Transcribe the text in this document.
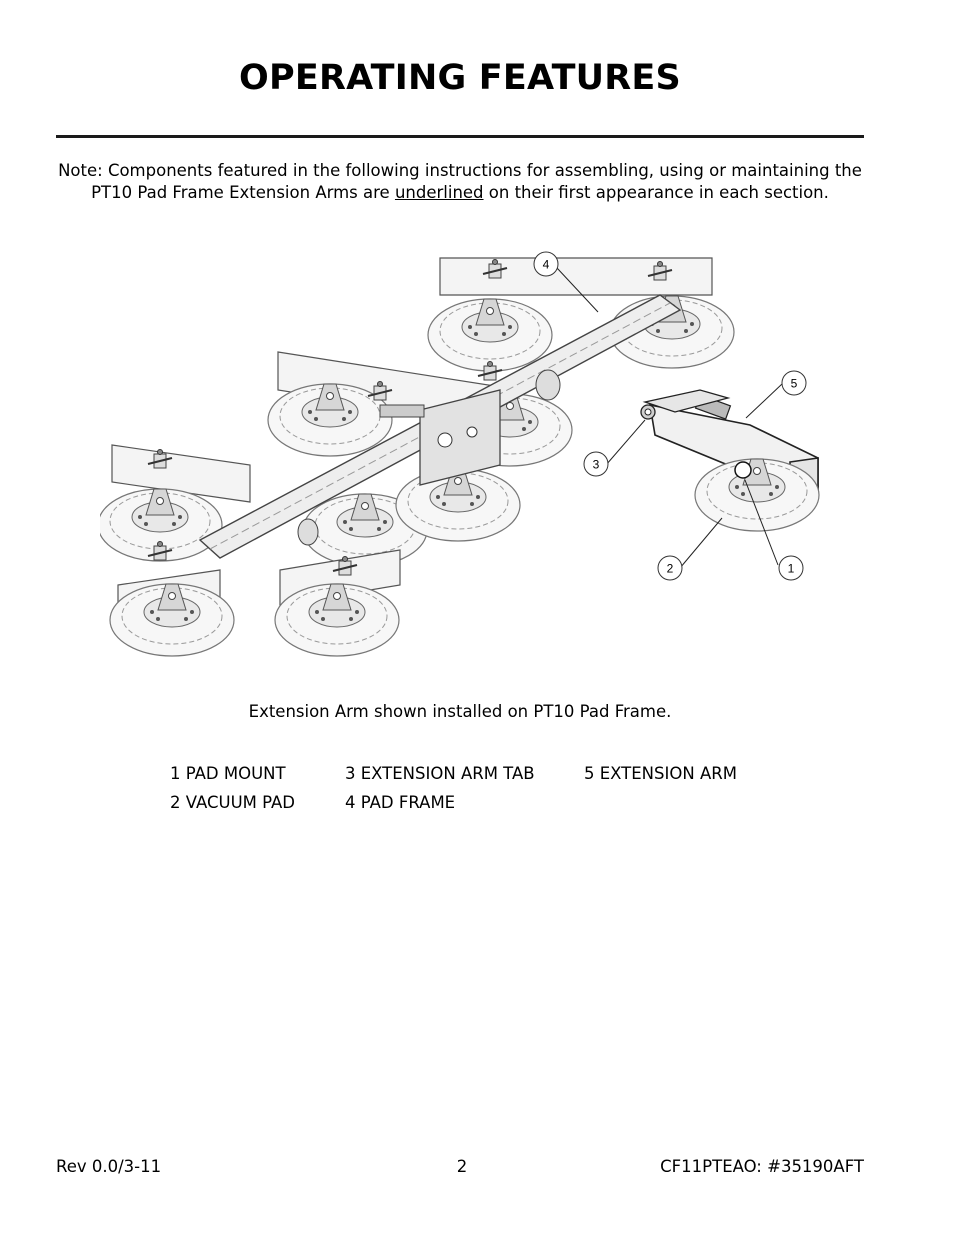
OPERATING FEATURES
Note: Components featured in the following instructions for assembling, using or maintaining the
PT10 Pad Frame Extension Arms are underlined on their first appearance in each section.
4
5
3
2	1
Extension Arm shown installed on PT10 Pad Frame.
1 PAD MOUNT	3 EXTENSION ARM TAB	5 EXTENSION ARM
2 VACUUM PAD	4 PAD FRAME
Rev 0.0/3-11	2	CF11PTEAO: #35190AFT
